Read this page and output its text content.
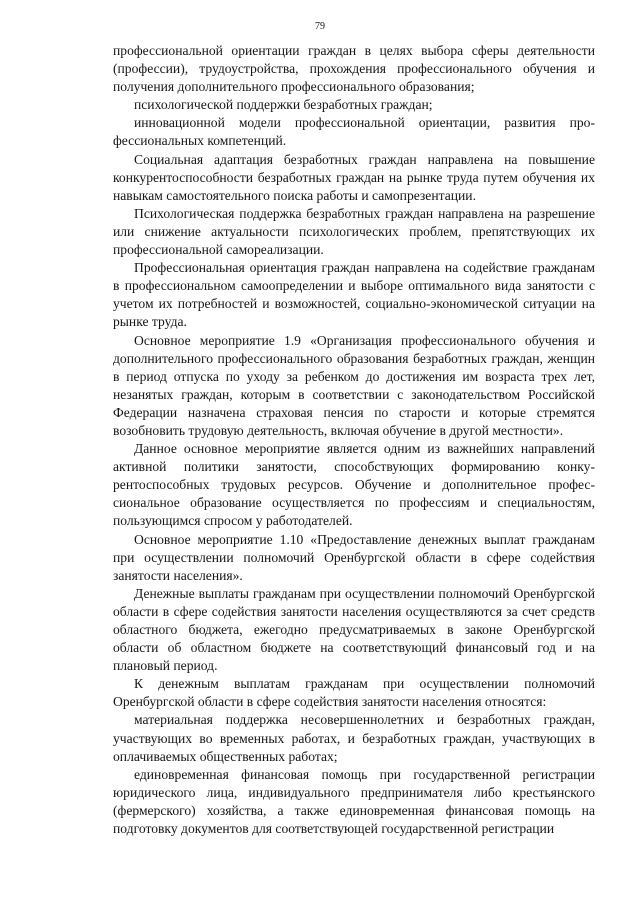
79

профессиональной ориентации граждан в целях выбора сферы деятельности (профессии), трудоустройства, прохождения профессионального обучения и получения дополнительного профессионального образования;

психологической поддержки безработных граждан;

инновационной модели профессиональной ориентации, развития профессиональных компетенций.

Социальная адаптация безработных граждан направлена на повышение конкурентоспособности безработных граждан на рынке труда путем обучения их навыкам самостоятельного поиска работы и самопрезентации.

Психологическая поддержка безработных граждан направлена на разрешение или снижение актуальности психологических проблем, препятствующих их профессиональной самореализации.

Профессиональная ориентация граждан направлена на содействие гражданам в профессиональном самоопределении и выборе оптимального вида занятости с учетом их потребностей и возможностей, социально-экономической ситуации на рынке труда.

Основное мероприятие 1.9 «Организация профессионального обучения и дополнительного профессионального образования безработных граждан, женщин в период отпуска по уходу за ребенком до достижения им возраста трех лет, незанятых граждан, которым в соответствии с законодательством Российской Федерации назначена страховая пенсия по старости и которые стремятся возобновить трудовую деятельность, включая обучение в другой местности».

Данное основное мероприятие является одним из важнейших направлений активной политики занятости, способствующих формированию конкурентоспособных трудовых ресурсов. Обучение и дополнительное профессиональное образование осуществляется по профессиям и специальностям, пользующимся спросом у работодателей.

Основное мероприятие 1.10 «Предоставление денежных выплат гражданам при осуществлении полномочий Оренбургской области в сфере содействия занятости населения».

Денежные выплаты гражданам при осуществлении полномочий Оренбургской области в сфере содействия занятости населения осуществляются за счет средств областного бюджета, ежегодно предусматриваемых в законе Оренбургской области об областном бюджете на соответствующий финансовый год и на плановый период.

К денежным выплатам гражданам при осуществлении полномочий Оренбургской области в сфере содействия занятости населения относятся:

материальная поддержка несовершеннолетних и безработных граждан, участвующих во временных работах, и безработных граждан, участвующих в оплачиваемых общественных работах;

единовременная финансовая помощь при государственной регистрации юридического лица, индивидуального предпринимателя либо крестьянского (фермерского) хозяйства, а также единовременная финансовая помощь на подготовку документов для соответствующей государственной регистрации
